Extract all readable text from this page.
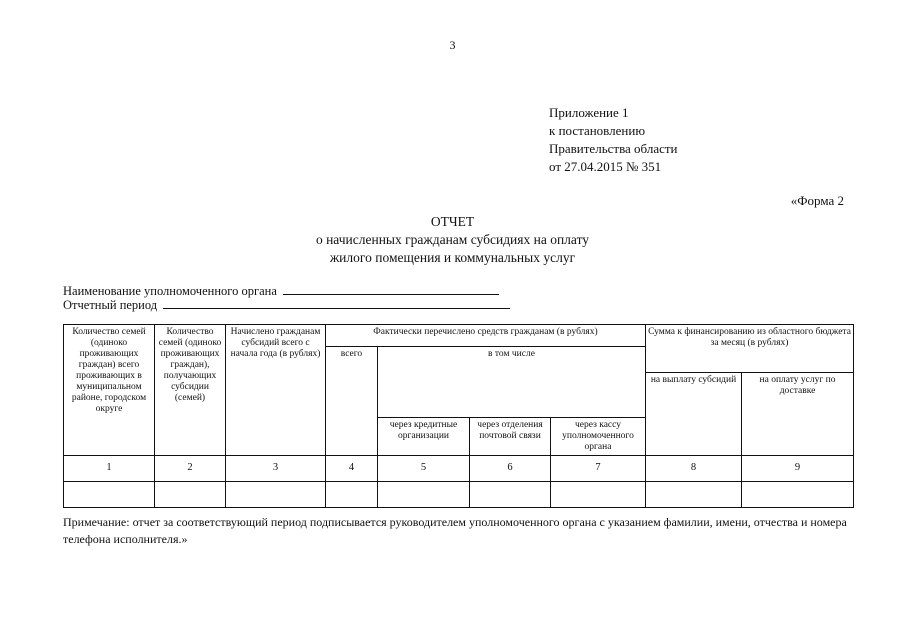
3
Приложение 1
к постановлению
Правительства области
от 27.04.2015 № 351
«Форма 2
ОТЧЕТ
о начисленных гражданам субсидиях на оплату
жилого помещения и коммунальных услуг
Наименование уполномоченного органа
Отчетный период
Количество семей (одиноко проживающих граждан) всего проживающих в муниципальном районе, городском округе	Количество семей (одиноко проживающих граждан), получающих субсидии (семей)	Начислено гражданам субсидий всего с начала года (в рублях)	Фактически перечислено средств гражданам (в рублях)				Сумма к финансированию из областного бюджета за месяц (в рублях)	
			всего	в том числе				
							на выплату субсидий	на оплату услуг по доставке
				через кредитные организации	через отделения почтовой связи	через кассу уполномоченного органа		
1	2	3	4	5	6	7	8	9

Примечание: отчет за соответствующий период подписывается руководителем уполномоченного органа с указанием фамилии, имени, отчества и номера телефона исполнителя.»
